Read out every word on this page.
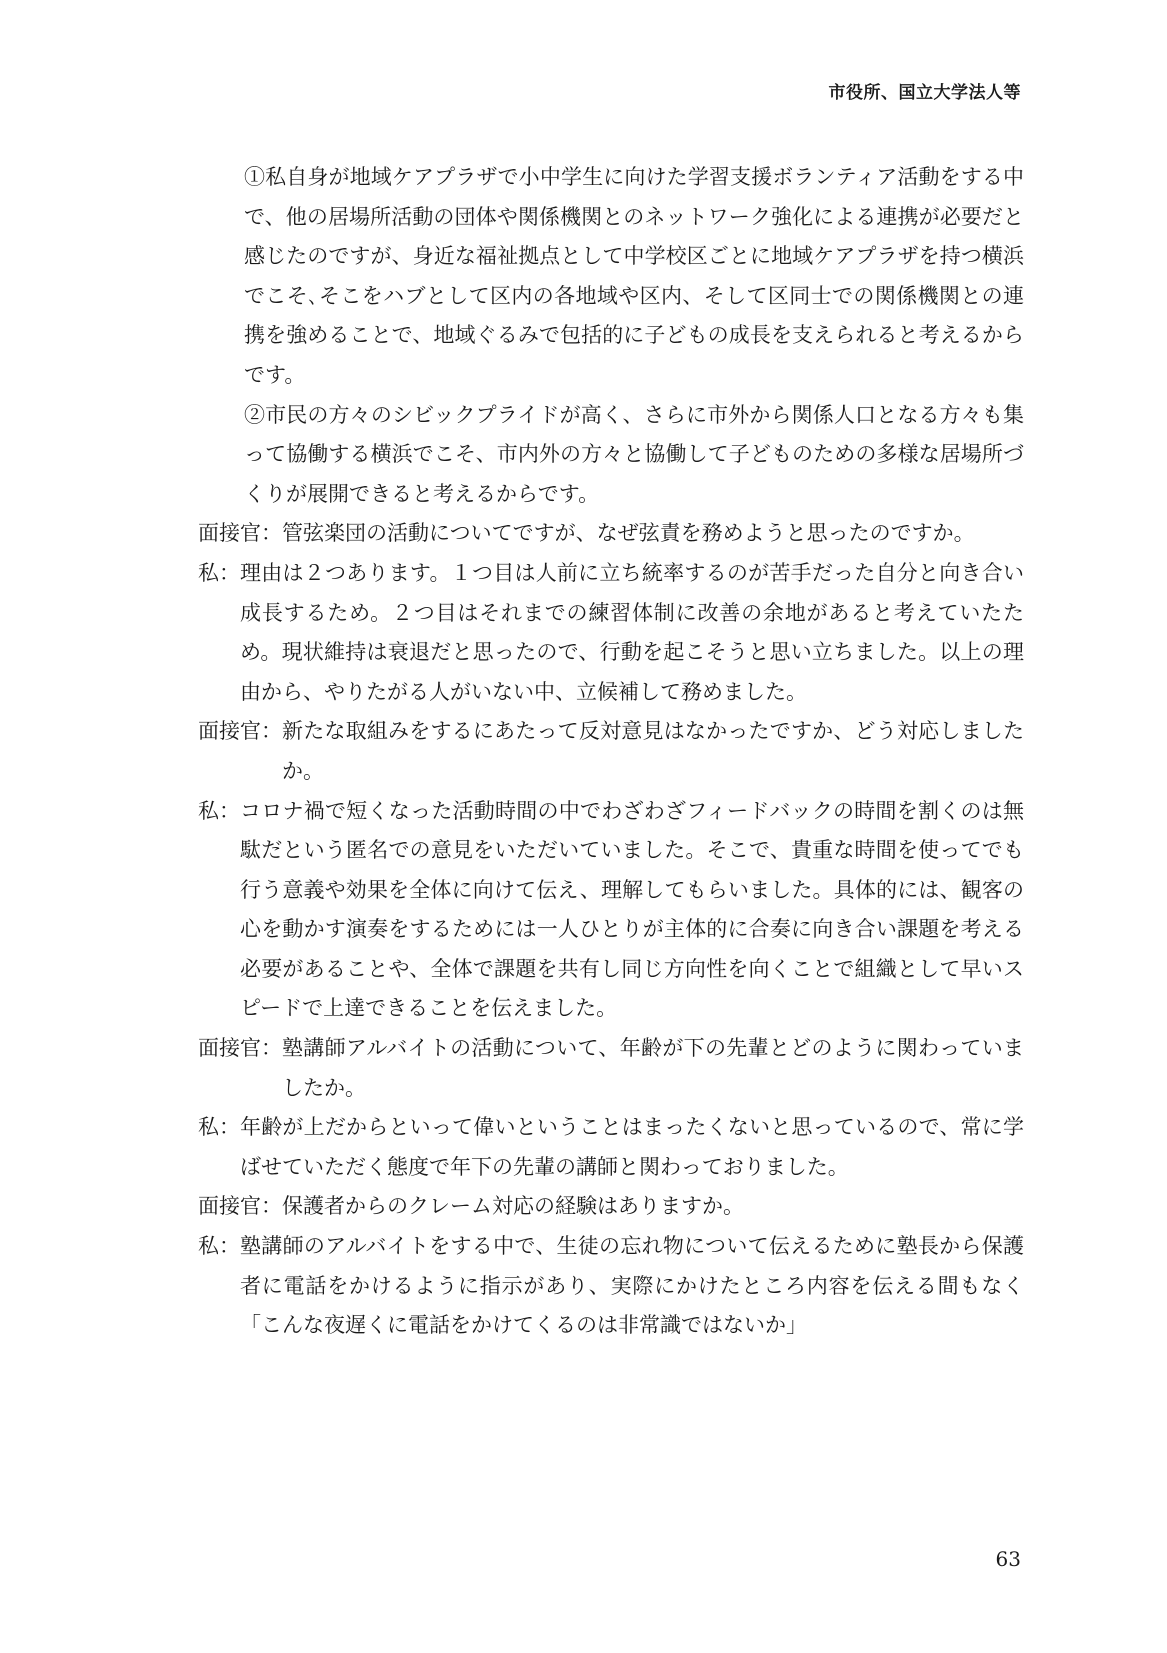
市役所、国立大学法人等
①私自身が地域ケアプラザで小中学生に向けた学習支援ボランティア活動をする中で、他の居場所活動の団体や関係機関とのネットワーク強化による連携が必要だと感じたのですが、身近な福祉拠点として中学校区ごとに地域ケアプラザを持つ横浜でこそ､そこをハブとして区内の各地域や区内、そして区同士での関係機関との連携を強めることで、地域ぐるみで包括的に子どもの成長を支えられると考えるからです。
②市民の方々のシビックプライドが高く、さらに市外から関係人口となる方々も集って協働する横浜でこそ、市内外の方々と協働して子どものための多様な居場所づくりが展開できると考えるからです。
面接官： 管弦楽団の活動についてですが、なぜ弦責を務めようと思ったのですか。
私： 理由は２つあります。１つ目は人前に立ち統率するのが苦手だった自分と向き合い成長するため。２つ目はそれまでの練習体制に改善の余地があると考えていたため。現状維持は衰退だと思ったので、行動を起こそうと思い立ちました。以上の理由から、やりたがる人がいない中、立候補して務めました。
面接官： 新たな取組みをするにあたって反対意見はなかったですか、どう対応しましたか。
私： コロナ禍で短くなった活動時間の中でわざわざフィードバックの時間を割くのは無駄だという匿名での意見をいただいていました。そこで、貴重な時間を使ってでも行う意義や効果を全体に向けて伝え、理解してもらいました。具体的には、観客の心を動かす演奏をするためには一人ひとりが主体的に合奏に向き合い課題を考える必要があることや、全体で課題を共有し同じ方向性を向くことで組織として早いスピードで上達できることを伝えました。
面接官： 塾講師アルバイトの活動について、年齢が下の先輩とどのように関わっていましたか。
私： 年齢が上だからといって偉いということはまったくないと思っているので、常に学ばせていただく態度で年下の先輩の講師と関わっておりました。
面接官： 保護者からのクレーム対応の経験はありますか。
私： 塾講師のアルバイトをする中で、生徒の忘れ物について伝えるために塾長から保護者に電話をかけるように指示があり、実際にかけたところ内容を伝える間もなく「こんな夜遅くに電話をかけてくるのは非常識ではないか」
63
